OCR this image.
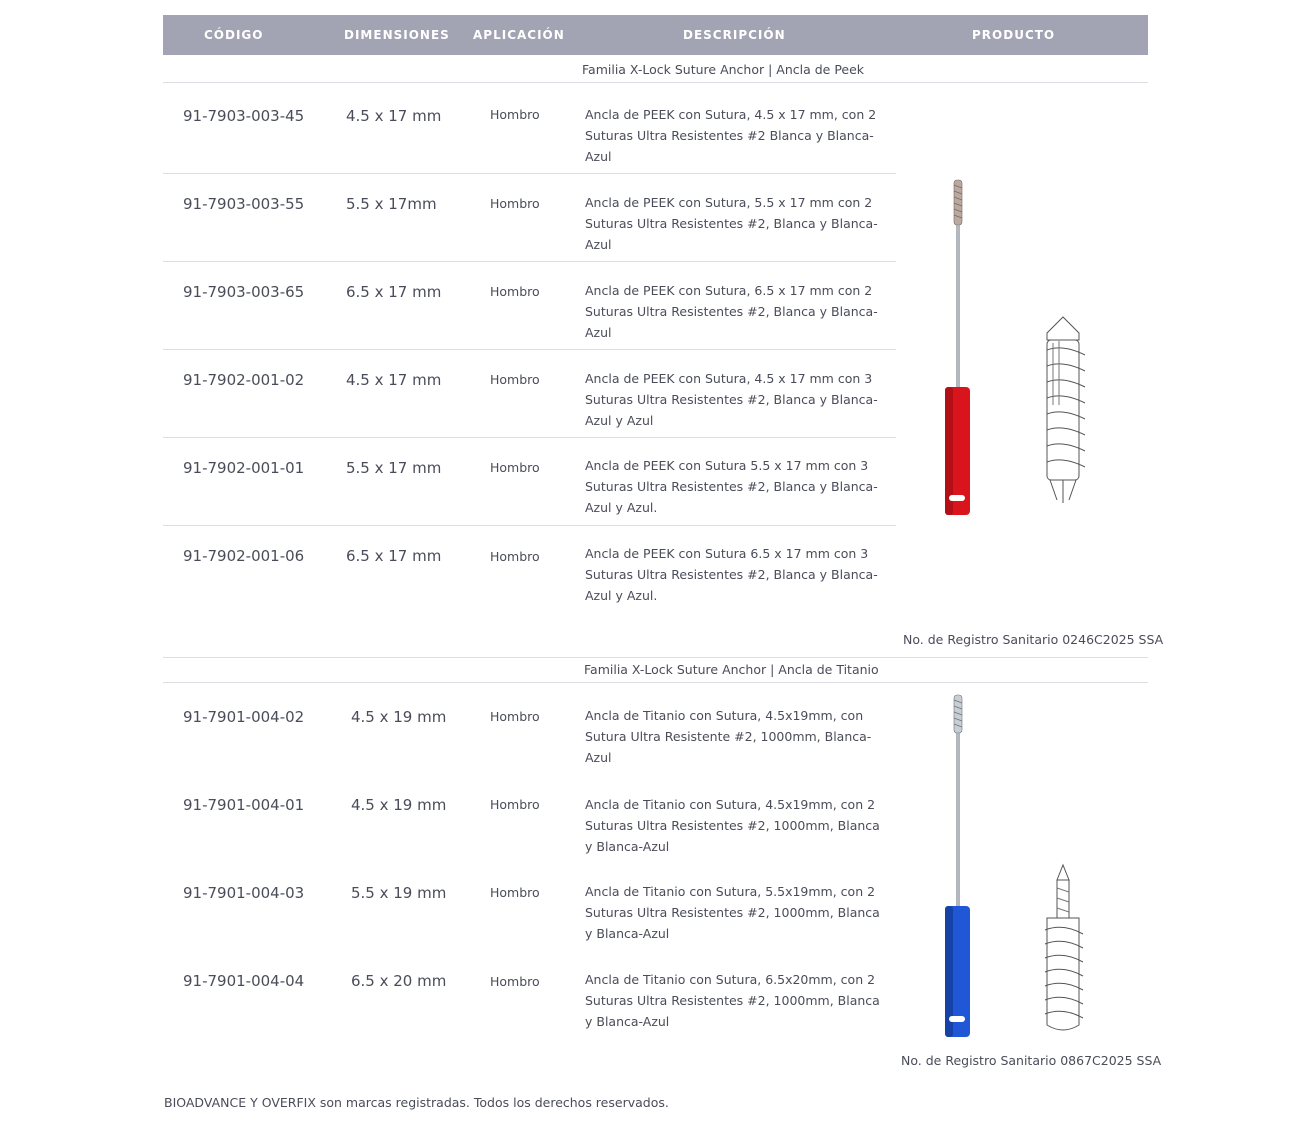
CÓDIGO	DIMENSIONES APLICACIÓN	DESCRIPCIÓN	PRODUCTO
Familia X-Lock Suture Anchor | Ancla de Peek
91-7903-003-45	4.5 x 17 mm	Hombro	Ancla de PEEK con Sutura, 4.5 x 17 mm, con 2 Suturas Ultra Resistentes #2 Blanca y Blanca-Azul
91-7903-003-55	5.5 x 17mm	Hombro	Ancla de PEEK con Sutura, 5.5 x 17 mm con 2 Suturas Ultra Resistentes #2, Blanca y Blanca-Azul
91-7903-003-65	6.5 x 17 mm	Hombro	Ancla de PEEK con Sutura, 6.5 x 17 mm con 2 Suturas Ultra Resistentes #2, Blanca y Blanca-Azul
91-7902-001-02	4.5 x 17 mm	Hombro	Ancla de PEEK con Sutura, 4.5 x 17 mm con 3 Suturas Ultra Resistentes #2, Blanca y Blanca-Azul y Azul
91-7902-001-01	5.5 x 17 mm	Hombro	Ancla de PEEK con Sutura 5.5 x 17 mm con 3 Suturas Ultra Resistentes #2, Blanca y Blanca-Azul y Azul.
91-7902-001-06	6.5 x 17 mm	Hombro	Ancla de PEEK con Sutura 6.5 x 17 mm con 3 Suturas Ultra Resistentes #2, Blanca y Blanca-Azul y Azul.
No. de Registro Sanitario 0246C2025 SSA
Familia X-Lock Suture Anchor | Ancla de Titanio
91-7901-004-02	4.5 x 19 mm	Hombro	Ancla de Titanio con Sutura, 4.5x19mm, con Sutura Ultra Resistente #2, 1000mm, Blanca-Azul
91-7901-004-01	4.5 x 19 mm	Hombro	Ancla de Titanio con Sutura, 4.5x19mm, con 2 Suturas Ultra Resistentes #2, 1000mm, Blanca y Blanca-Azul
91-7901-004-03	5.5 x 19 mm	Hombro	Ancla de Titanio con Sutura, 5.5x19mm, con 2 Suturas Ultra Resistentes #2, 1000mm, Blanca y Blanca-Azul
91-7901-004-04	6.5 x 20 mm	Hombro	Ancla de Titanio con Sutura, 6.5x20mm, con 2 Suturas Ultra Resistentes #2, 1000mm, Blanca y Blanca-Azul
No. de Registro Sanitario 0867C2025 SSA
BIOADVANCE Y OVERFIX son marcas registradas. Todos los derechos reservados.
